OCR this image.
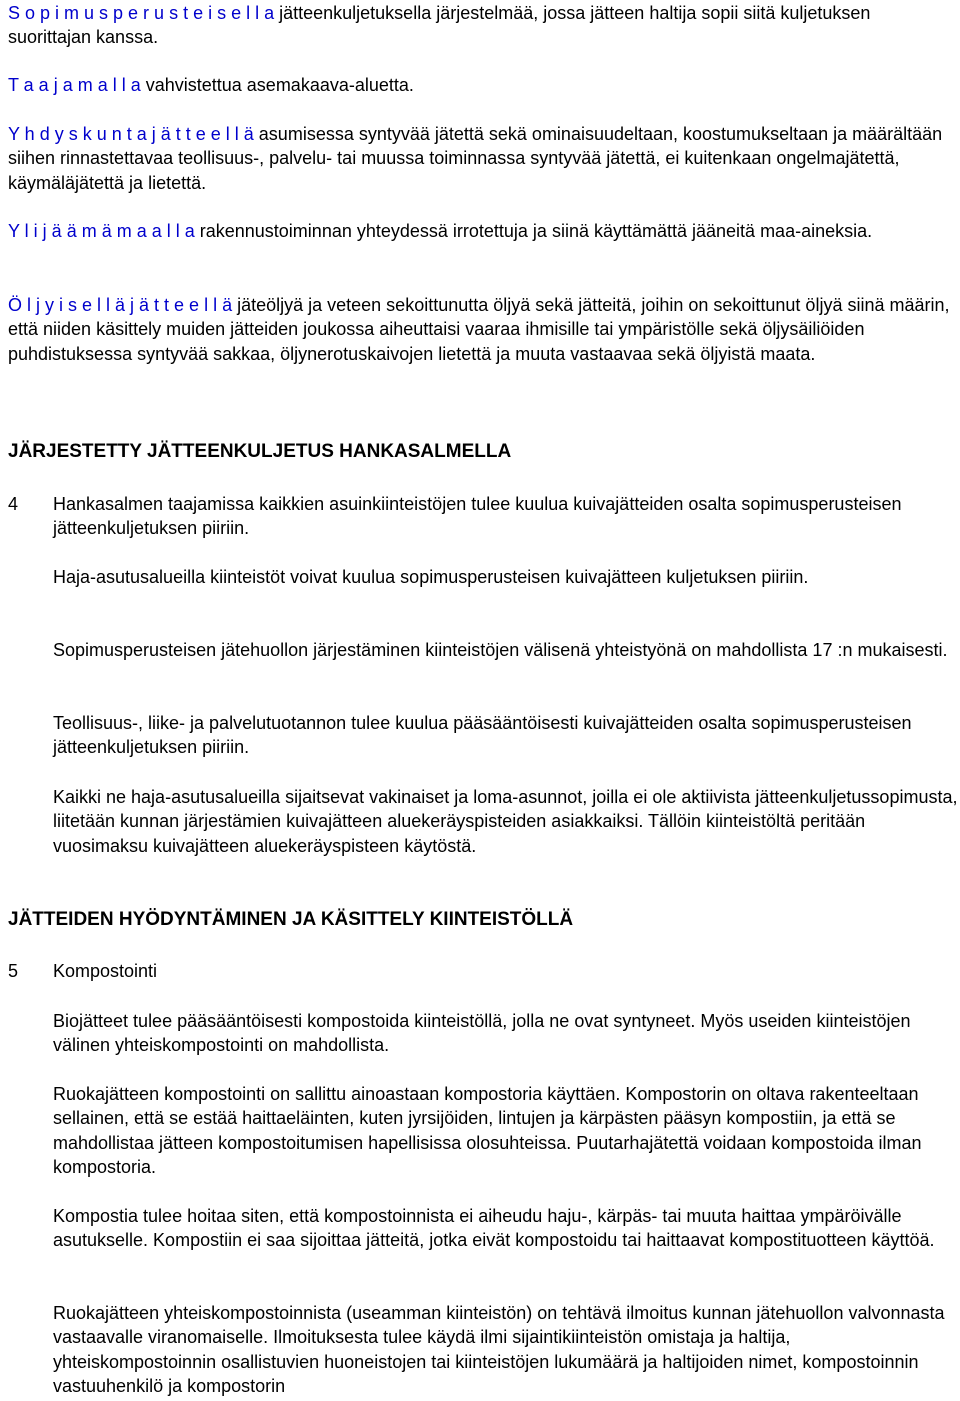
S o p i m u s p e r u s t e i s e l l a jätteenkuljetuksella järjestelmää, jossa jätteen haltija sopii siitä kuljetuksen suorittajan kanssa.
T a a j a m a l l a vahvistettua asemakaava-aluetta.
Y h d y s k u n t a j ä t t e e l l ä asumisessa syntyvää jätettä sekä ominaisuudeltaan, koostumukseltaan ja määrältään siihen rinnastettavaa teollisuus-, palvelu- tai muussa toiminnassa syntyvää jätettä, ei kuitenkaan ongelmajätettä, käymäläjätettä ja lietettä.
Y l i j ä ä m ä m a a l l a rakennustoiminnan yhteydessä irrotettuja ja siinä käyttämättä jääneitä maa-aineksia.
Ö l j y i s e l l ä j ä t t e e l l ä jäteöljyä ja veteen sekoittunutta öljyä sekä jätteitä, joihin on sekoittunut öljyä siinä määrin, että niiden käsittely muiden jätteiden joukossa aiheuttaisi vaaraa ihmisille tai ympäristölle sekä öljysäiliöiden puhdistuksessa syntyvää sakkaa, öljynerotuskaivojen lietettä ja muuta vastaavaa sekä öljyistä maata.
JÄRJESTETTY JÄTTEENKULJETUS HANKASALMELLA
4 Hankasalmen taajamissa kaikkien asuinkiinteistöjen tulee kuulua kuivajätteiden osalta sopimusperusteisen jätteenkuljetuksen piiriin.
Haja-asutusalueilla kiinteistöt voivat kuulua sopimusperusteisen kuivajätteen kuljetuksen piiriin.
Sopimusperusteisen jätehuollon järjestäminen kiinteistöjen välisenä yhteistyönä on mahdollista 17 :n mukaisesti.
Teollisuus-, liike- ja palvelutuotannon tulee kuulua pääsääntöisesti kuivajätteiden osalta sopimusperusteisen jätteenkuljetuksen piiriin.
Kaikki ne haja-asutusalueilla sijaitsevat vakinaiset ja loma-asunnot, joilla ei ole aktiivista jätteenkuljetussopimusta, liitetään kunnan järjestämien kuivajätteen aluekeräyspisteiden asiakkaiksi. Tällöin kiinteistöltä peritään vuosimaksu kuivajätteen aluekeräyspisteen käytöstä.
JÄTTEIDEN HYÖDYNTÄMINEN JA KÄSITTELY KIINTEISTÖLLÄ
5 Kompostointi
Biojätteet tulee pääsääntöisesti kompostoida kiinteistöllä, jolla ne ovat syntyneet. Myös useiden kiinteistöjen välinen yhteiskompostointi on mahdollista.
Ruokajätteen kompostointi on sallittu ainoastaan kompostoria käyttäen. Kompostorin on oltava rakenteeltaan sellainen, että se estää haittaeläinten, kuten jyrsijöiden, lintujen ja kärpästen pääsyn kompostiin, ja että se mahdollistaa jätteen kompostoitumisen hapellisissa olosuhteissa. Puutarhajätettä voidaan kompostoida ilman kompostoria.
Kompostia tulee hoitaa siten, että kompostoinnista ei aiheudu haju-, kärpäs- tai muuta haittaa ympäröivälle asutukselle. Kompostiin ei saa sijoittaa jätteitä, jotka eivät kompostoidu tai haittaavat kompostituotteen käyttöä.
Ruokajätteen yhteiskompostoinnista (useamman kiinteistön) on tehtävä ilmoitus kunnan jätehuollon valvonnasta vastaavalle viranomaiselle. Ilmoituksesta tulee käydä ilmi sijaintikiinteistön omistaja ja haltija, yhteiskompostoinnin osallistuvien huoneistojen tai kiinteistöjen lukumäärä ja haltijoiden nimet, kompostoinnin vastuuhenkilö ja kompostorin
